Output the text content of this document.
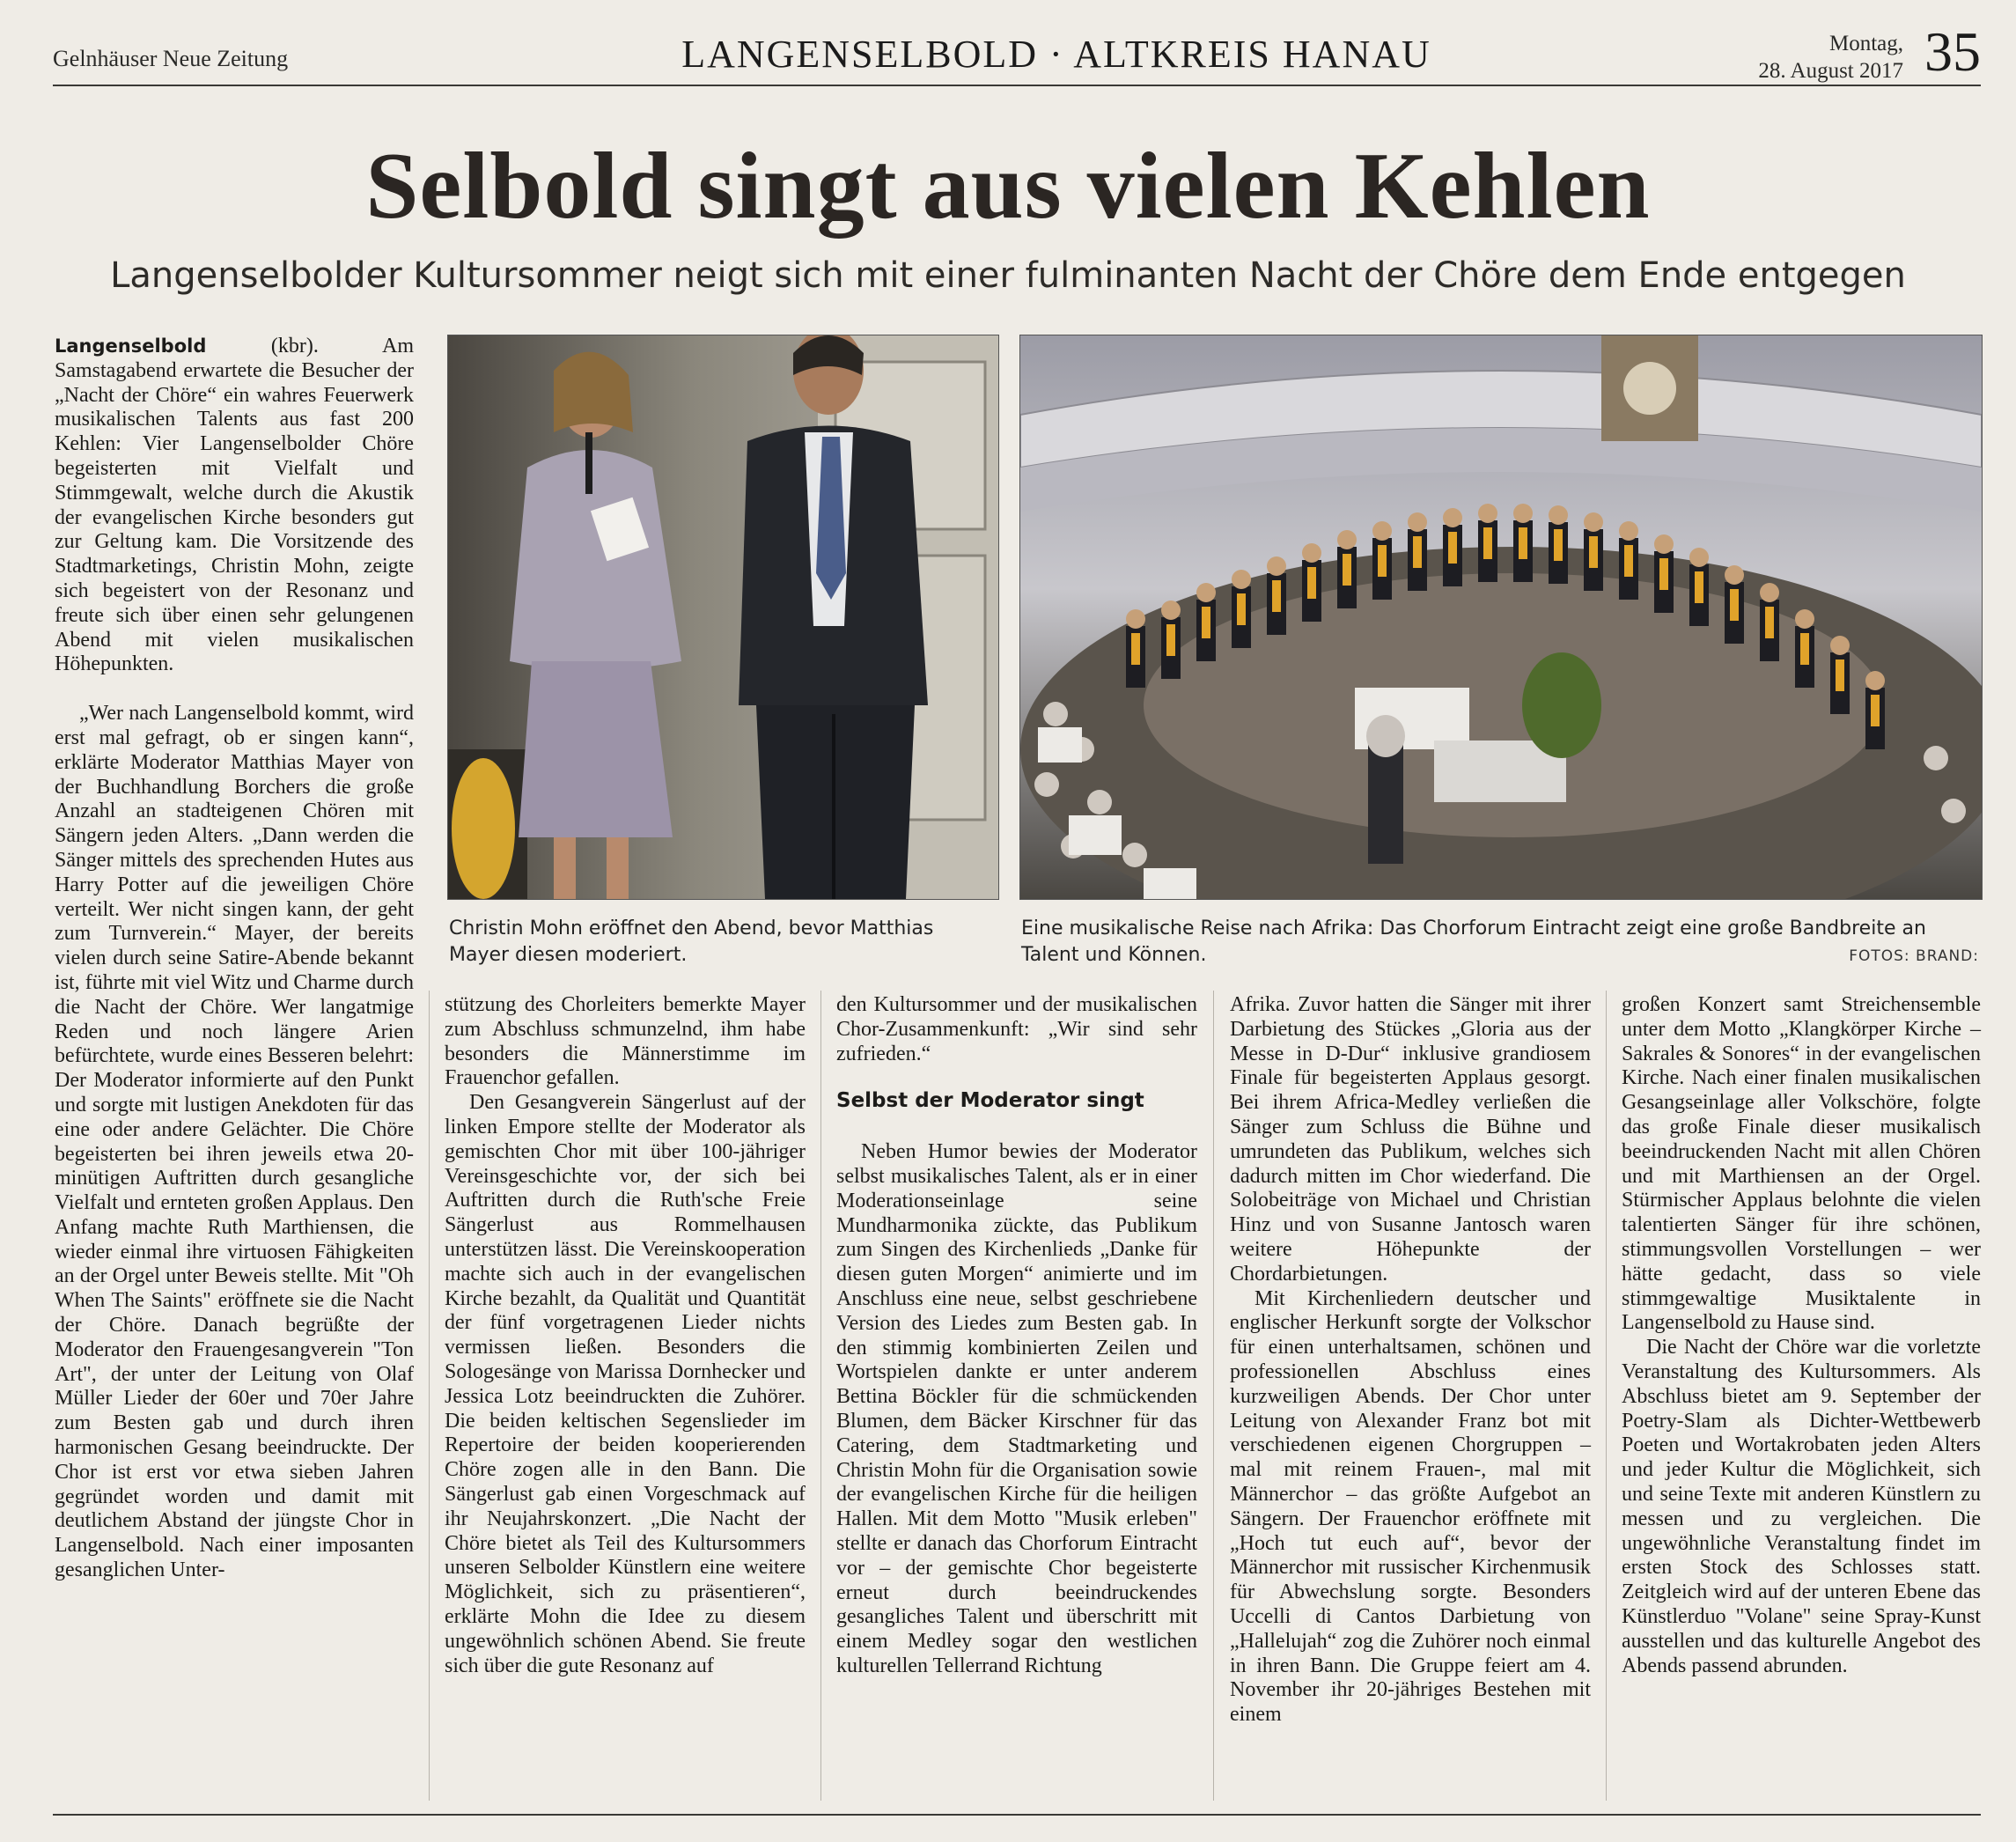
Gelnhäuser Neue Zeitung	LANGENSELBOLD · ALTKREIS HANAU	Montag,
28. August 2017 35
Selbold singt aus vielen Kehlen
Langenselbolder Kultursommer neigt sich mit einer fulminanten Nacht der Chöre dem Ende entgegen

Langenselbold (kbr). Am Samstagabend erwartete die Besucher der „Nacht der Chöre“ ein wahres Feuerwerk musikalischen Talents aus fast 200 Kehlen: Vier Langenselbolder Chöre begeisterten mit Vielfalt und Stimmgewalt, welche durch die Akustik der evangelischen Kirche besonders gut zur Geltung kam. Die Vorsitzende des Stadtmarketings, Christin Mohn, zeigte sich begeistert von der Resonanz und freute sich über einen sehr gelungenen Abend mit vielen musikalischen Höhepunkten.

„Wer nach Langenselbold kommt, wird erst mal gefragt, ob er singen kann“, erklärte Moderator Matthias Mayer von der Buchhandlung Borchers die große Anzahl an stadteigenen Chören mit Sängern jeden Alters. „Dann werden die Sänger mittels des sprechenden Hutes aus Harry Potter auf die jeweiligen Chöre verteilt. Wer nicht singen kann, der geht zum Turnverein.“ Mayer, der bereits vielen durch seine Satire-Abende bekannt ist, führte mit viel Witz und Charme durch die Nacht der Chöre. Wer langatmige Reden und noch längere Arien befürchtete, wurde eines Besseren belehrt: Der Moderator informierte auf den Punkt und sorgte mit lustigen Anekdoten für das eine oder andere Gelächter. Die Chöre begeisterten bei ihren jeweils etwa 20-minütigen Auftritten durch gesangliche Vielfalt und ernteten großen Applaus. Den Anfang machte Ruth Marthiensen, die wieder einmal ihre virtuosen Fähigkeiten an der Orgel unter Beweis stellte. Mit "Oh When The Saints" eröffnete sie die Nacht der Chöre. Danach begrüßte der Moderator den Frauengesangverein "Ton Art", der unter der Leitung von Olaf Müller Lieder der 60er und 70er Jahre zum Besten gab und durch ihren harmonischen Gesang beeindruckte. Der Chor ist erst vor etwa sieben Jahren gegründet worden und damit mit deutlichem Abstand der jüngste Chor in Langenselbold. Nach einer imposanten gesanglichen Unter-

Christin Mohn eröffnet den Abend, bevor Matthias Mayer diesen moderiert.
Eine musikalische Reise nach Afrika: Das Chorforum Eintracht zeigt eine große Bandbreite an Talent und Können.	FOTOS: BRAND:

stützung des Chorleiters bemerkte Mayer zum Abschluss schmunzelnd, ihm habe besonders die Männerstimme im Frauenchor gefallen.

Den Gesangverein Sängerlust auf der linken Empore stellte der Moderator als gemischten Chor mit über 100-jähriger Vereinsgeschichte vor, der sich bei Auftritten durch die Ruth'sche Freie Sängerlust aus Rommelhausen unterstützen lässt. Die Vereinskooperation machte sich auch in der evangelischen Kirche bezahlt, da Qualität und Quantität der fünf vorgetragenen Lieder nichts vermissen ließen. Besonders die Sologesänge von Marissa Dornhecker und Jessica Lotz beeindruckten die Zuhörer. Die beiden keltischen Segenslieder im Repertoire der beiden kooperierenden Chöre zogen alle in den Bann. Die Sängerlust gab einen Vorgeschmack auf ihr Neujahrskonzert. „Die Nacht der Chöre bietet als Teil des Kultursommers unseren Selbolder Künstlern eine weitere Möglichkeit, sich zu präsentieren“, erklärte Mohn die Idee zu diesem ungewöhnlich schönen Abend. Sie freute sich über die gute Resonanz auf

den Kultursommer und der musikalischen Chor-Zusammenkunft: „Wir sind sehr zufrieden.“

Selbst der Moderator singt

Neben Humor bewies der Moderator selbst musikalisches Talent, als er in einer Moderationseinlage seine Mundharmonika zückte, das Publikum zum Singen des Kirchenlieds „Danke für diesen guten Morgen“ animierte und im Anschluss eine neue, selbst geschriebene Version des Liedes zum Besten gab. In den stimmig kombinierten Zeilen und Wortspielen dankte er unter anderem Bettina Böckler für die schmückenden Blumen, dem Bäcker Kirschner für das Catering, dem Stadtmarketing und Christin Mohn für die Organisation sowie der evangelischen Kirche für die heiligen Hallen. Mit dem Motto "Musik erleben" stellte er danach das Chorforum Eintracht vor – der gemischte Chor begeisterte erneut durch beeindruckendes gesangliches Talent und überschritt mit einem Medley sogar den westlichen kulturellen Tellerrand Richtung

Afrika. Zuvor hatten die Sänger mit ihrer Darbietung des Stückes „Gloria aus der Messe in D-Dur“ inklusive grandiosem Finale für begeisterten Applaus gesorgt. Bei ihrem Africa-Medley verließen die Sänger zum Schluss die Bühne und umrundeten das Publikum, welches sich dadurch mitten im Chor wiederfand. Die Solobeiträge von Michael und Christian Hinz und von Susanne Jantosch waren weitere Höhepunkte der Chordarbietungen.

Mit Kirchenliedern deutscher und englischer Herkunft sorgte der Volkschor für einen unterhaltsamen, schönen und professionellen Abschluss eines kurzweiligen Abends. Der Chor unter Leitung von Alexander Franz bot mit verschiedenen eigenen Chorgruppen – mal mit reinem Frauen-, mal mit Männerchor – das größte Aufgebot an Sängern. Der Frauenchor eröffnete mit „Hoch tut euch auf“, bevor der Männerchor mit russischer Kirchenmusik für Abwechslung sorgte. Besonders Uccelli di Cantos Darbietung von „Hallelujah“ zog die Zuhörer noch einmal in ihren Bann. Die Gruppe feiert am 4. November ihr 20-jähriges Bestehen mit einem

großen Konzert samt Streichensemble unter dem Motto „Klangkörper Kirche – Sakrales & Sonores“ in der evangelischen Kirche. Nach einer finalen musikalischen Gesangseinlage aller Volkschöre, folgte das große Finale dieser musikalisch beeindruckenden Nacht mit allen Chören und mit Marthiensen an der Orgel. Stürmischer Applaus belohnte die vielen talentierten Sänger für ihre schönen, stimmungsvollen Vorstellungen – wer hätte gedacht, dass so viele stimmgewaltige Musiktalente in Langenselbold zu Hause sind.

Die Nacht der Chöre war die vorletzte Veranstaltung des Kultursommers. Als Abschluss bietet am 9. September der Poetry-Slam als Dichter-Wettbewerb Poeten und Wortakrobaten jeden Alters und jeder Kultur die Möglichkeit, sich und seine Texte mit anderen Künstlern zu messen und zu vergleichen. Die ungewöhnliche Veranstaltung findet im ersten Stock des Schlosses statt. Zeitgleich wird auf der unteren Ebene das Künstlerduo "Volane" seine Spray-Kunst ausstellen und das kulturelle Angebot des Abends passend abrunden.
